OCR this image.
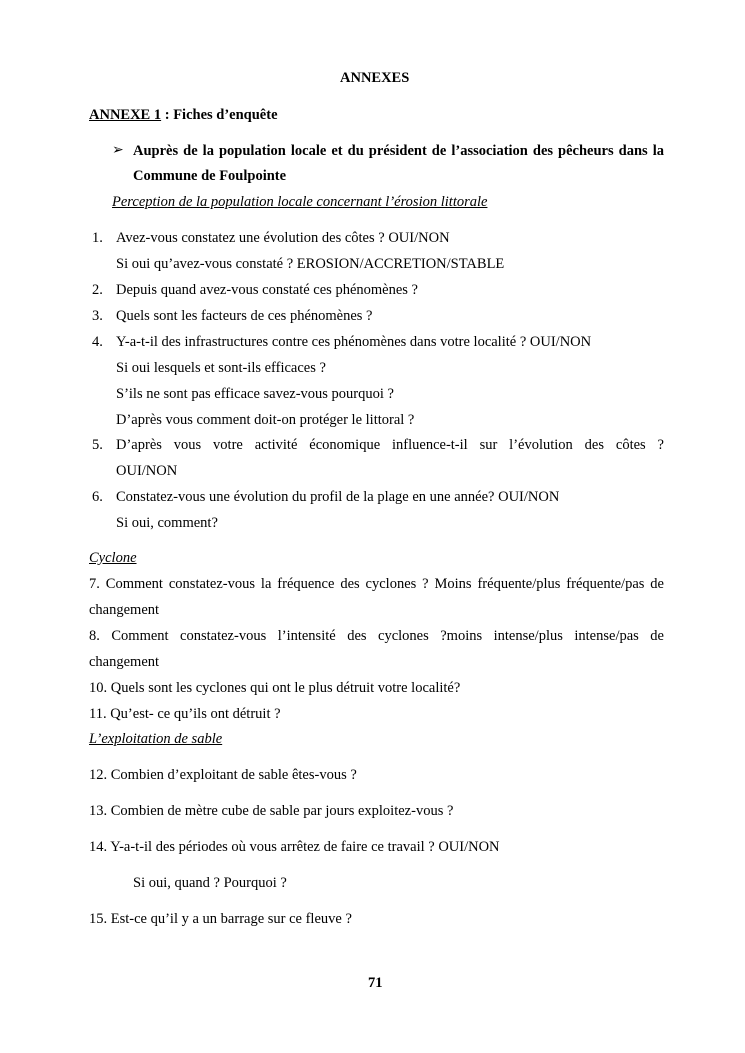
ANNEXES
ANNEXE 1 : Fiches d’enquête
➢ Auprès de la population locale et du président de l’association des pêcheurs dans la
Commune de Foulpointe
Perception de la population locale concernant l’érosion littorale
1. Avez-vous constatez une évolution des côtes ? OUI/NON
Si oui qu’avez-vous constaté ? EROSION/ACCRETION/STABLE
2. Depuis quand avez-vous constaté ces phénomènes ?
3. Quels sont les facteurs de ces phénomènes ?
4. Y-a-t-il des infrastructures contre ces phénomènes dans votre localité ? OUI/NON
Si oui lesquels et sont-ils efficaces ?
S’ils ne sont pas efficace savez-vous pourquoi ?
D’après vous comment doit-on protéger le littoral ?
5. D’après vous votre activité économique influence-t-il sur l’évolution des côtes ?
OUI/NON
6. Constatez-vous une évolution du profil de la plage en une année? OUI/NON
Si oui, comment?
Cyclone
7. Comment constatez-vous la fréquence des cyclones ? Moins fréquente/plus fréquente/pas de
changement
8. Comment constatez-vous l’intensité des cyclones ?moins intense/plus intense/pas de
changement
10. Quels sont les cyclones qui ont le plus détruit votre localité?
11. Qu’est- ce qu’ils ont détruit ?
L’exploitation de sable
12. Combien d’exploitant de sable êtes-vous ?
13. Combien de mètre cube de sable par jours exploitez-vous ?
14. Y-a-t-il des périodes où vous arrêtez de faire ce travail ? OUI/NON
Si oui, quand ? Pourquoi ?
15. Est-ce qu’il y a un barrage sur ce fleuve ?
71
